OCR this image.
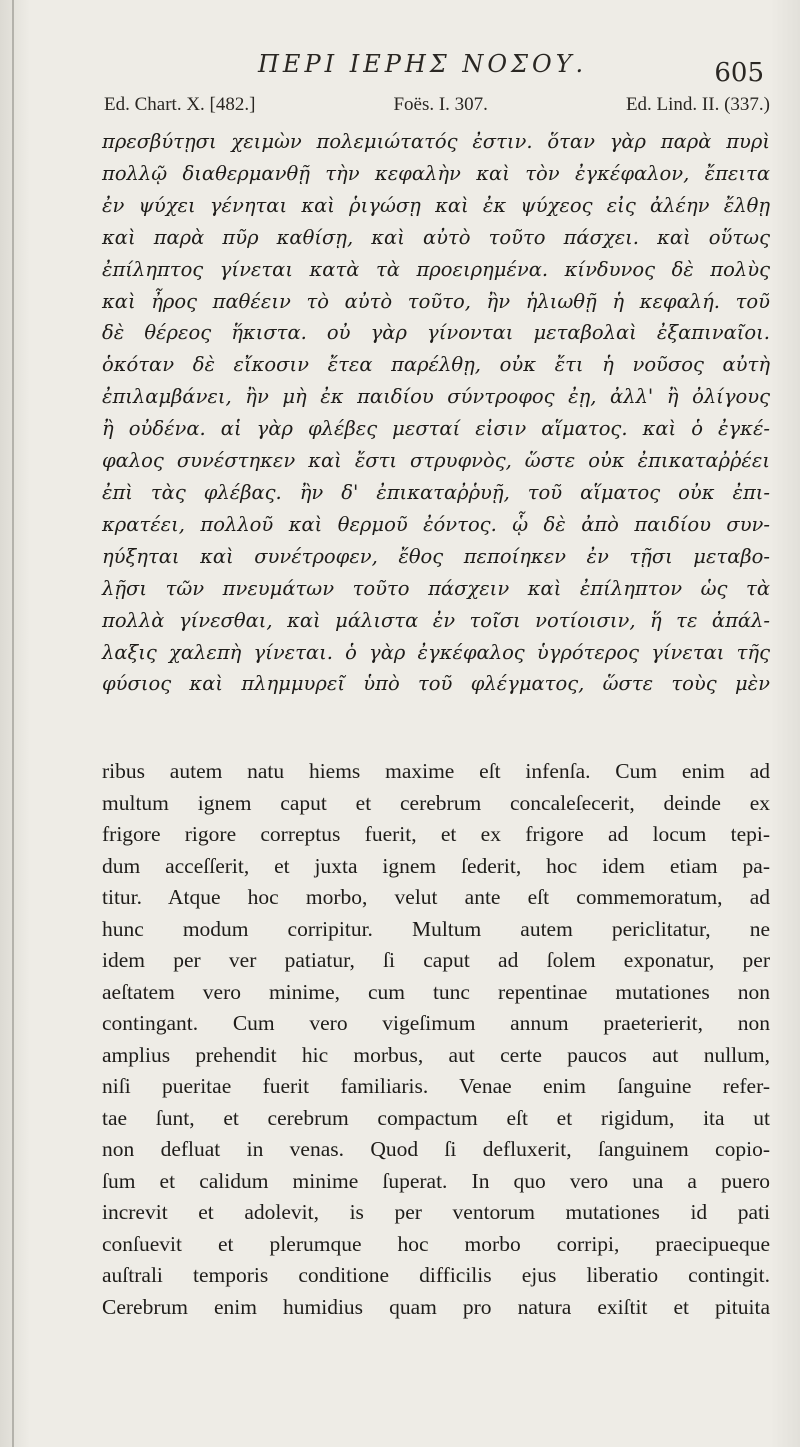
ΠΕΡΙ ΙΕΡΗΣ ΝΟΣΟΥ.	605
Ed. Chart. X. [482.]	Foës. I. 307.	Ed. Lind. II. (337.)
πρεσβύτῃσι χειμὼν πολεμιώτατός ἐστιν. ὅταν γὰρ παρὰ πυρὶ
πολλῷ διαθερμανθῇ τὴν κεφαλὴν καὶ τὸν ἐγκέφαλον, ἔπειτα
ἐν ψύχει γένηται καὶ ῥιγώσῃ καὶ ἐκ ψύχεος εἰς ἀλέην ἔλθῃ
καὶ παρὰ πῦρ καθίσῃ, καὶ αὐτὸ τοῦτο πάσχει. καὶ οὕτως
ἐπίληπτος γίνεται κατὰ τὰ προειρημένα. κίνδυνος δὲ πολὺς
καὶ ἦρος παθέειν τὸ αὐτὸ τοῦτο, ἢν ἡλιωθῇ ἡ κεφαλή. τοῦ
δὲ θέρεος ἥκιστα. οὐ γὰρ γίνονται μεταβολαὶ ἐξαπιναῖοι.
ὁκόταν δὲ εἴκοσιν ἔτεα παρέλθῃ, οὐκ ἔτι ἡ νοῦσος αὐτὴ
ἐπιλαμβάνει, ἢν μὴ ἐκ παιδίου σύντροφος ἐῃ, ἀλλ' ἢ ὀλίγους
ἢ οὐδένα. αἱ γὰρ φλέβες μεσταί εἰσιν αἵματος. καὶ ὁ ἐγκέ-
φαλος συνέστηκεν καὶ ἔστι στρυφνὸς, ὥστε οὐκ ἐπικαταῤῥέει
ἐπὶ τὰς φλέβας. ἢν δ' ἐπικαταῤῥυῇ, τοῦ αἵματος οὐκ ἐπι-
κρατέει, πολλοῦ καὶ θερμοῦ ἐόντος. ᾧ δὲ ἀπὸ παιδίου συν-
ηύξηται καὶ συνέτροφεν, ἔθος πεποίηκεν ἐν τῇσι μεταβο-
λῇσι τῶν πνευμάτων τοῦτο πάσχειν καὶ ἐπίληπτον ὡς τὰ
πολλὰ γίνεσθαι, καὶ μάλιστα ἐν τοῖσι νοτίοισιν, ἥ τε ἀπάλ-
λαξις χαλεπὴ γίνεται. ὁ γὰρ ἐγκέφαλος ὑγρότερος γίνεται τῆς
φύσιος καὶ πλημμυρεῖ ὑπὸ τοῦ φλέγματος, ὥστε τοὺς μὲν
ribus autem natu hiems maxime eſt infenſa. Cum enim ad
multum ignem caput et cerebrum concaleſecerit, deinde ex
frigore rigore correptus fuerit, et ex frigore ad locum tepi-
dum acceſſerit, et juxta ignem ſederit, hoc idem etiam pa-
titur. Atque hoc morbo, velut ante eſt commemoratum, ad
hunc modum corripitur. Multum autem periclitatur, ne
idem per ver patiatur, ſi caput ad ſolem exponatur, per
aeſtatem vero minime, cum tunc repentinae mutationes non
contingant. Cum vero vigeſimum annum praeterierit, non
amplius prehendit hic morbus, aut certe paucos aut nullum,
niſi pueritae fuerit familiaris. Venae enim ſanguine refer-
tae ſunt, et cerebrum compactum eſt et rigidum, ita ut
non defluat in venas. Quod ſi defluxerit, ſanguinem copio-
ſum et calidum minime ſuperat. In quo vero una a puero
increvit et adolevit, is per ventorum mutationes id pati
conſuevit et plerumque hoc morbo corripi, praecipueque
auſtrali temporis conditione difficilis ejus liberatio contingit.
Cerebrum enim humidius quam pro natura exiſtit et pituita
